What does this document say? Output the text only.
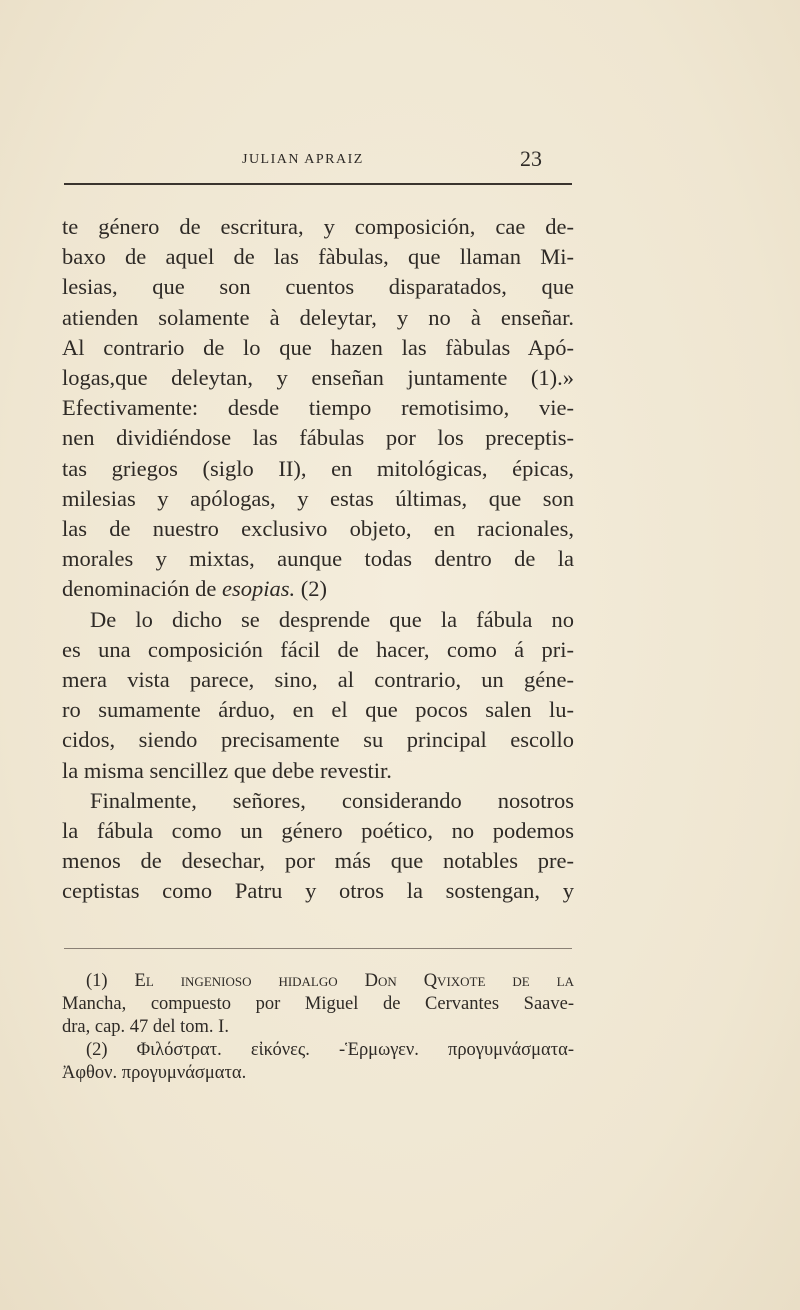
JULIAN APRAIZ	23
te género de escritura, y composición, cae de-
baxo de aquel de las fàbulas, que llaman Mi-
lesias, que son cuentos disparatados, que
atienden solamente à deleytar, y no à enseñar.
Al contrario de lo que hazen las fàbulas Apó-
logas,que deleytan, y enseñan juntamente (1).»
Efectivamente: desde tiempo remotisimo, vie-
nen dividiéndose las fábulas por los preceptis-
tas griegos (siglo II), en mitológicas, épicas,
milesias y apólogas, y estas últimas, que son
las de nuestro exclusivo objeto, en racionales,
morales y mixtas, aunque todas dentro de la
denominación de esopias. (2)
De lo dicho se desprende que la fábula no
es una composición fácil de hacer, como á pri-
mera vista parece, sino, al contrario, un géne-
ro sumamente árduo, en el que pocos salen lu-
cidos, siendo precisamente su principal escollo
la misma sencillez que debe revestir.
Finalmente, señores, considerando nosotros
la fábula como un género poético, no podemos
menos de desechar, por más que notables pre-
ceptistas como Patru y otros la sostengan, y
(1) El ingenioso hidalgo Don Qvixote de la
Mancha, compuesto por Miguel de Cervantes Saave-
dra, cap. 47 del tom. I.
(2) Φιλόστρατ. εἰκόνες. -Ἑρμωγεν. προγυμνάσματα-
Ἀφθον. προγυμνάσματα.
